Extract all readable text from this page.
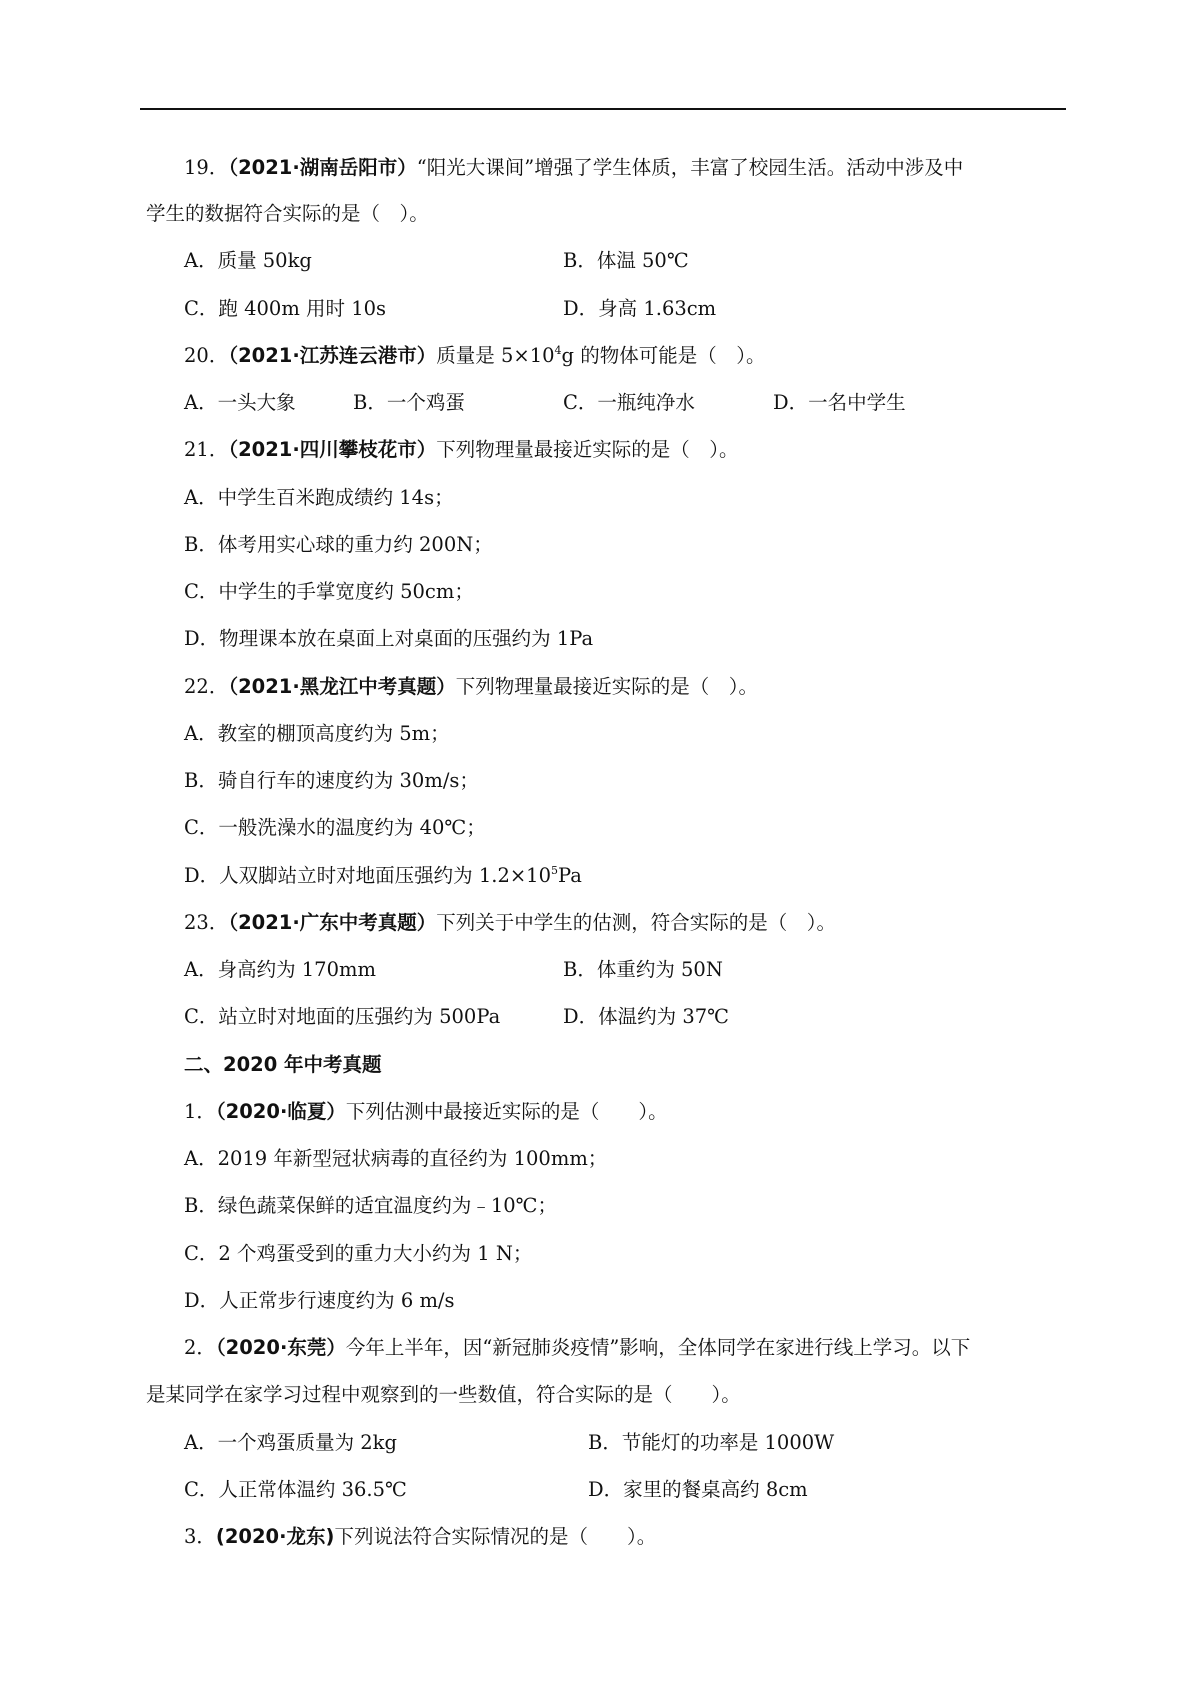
19．（2021·湖南岳阳市）“阳光大课间”增强了学生体质，丰富了校园生活。活动中涉及中
学生的数据符合实际的是（　）。
A．质量 50kg	B．体温 50℃
C．跑 400m 用时 10s	D．身高 1.63cm
20．（2021·江苏连云港市）质量是 $5\times 10^4g$ 的物体可能是（　）。
A．一头大象	B．一个鸡蛋	C．一瓶纯净水	D．一名中学生
21．（2021·四川攀枝花市）下列物理量最接近实际的是（　）。
A．中学生百米跑成绩约 14s；
B．体考用实心球的重力约 200N；
C．中学生的手掌宽度约 50cm；
D．物理课本放在桌面上对桌面的压强约为 1Pa
22．（2021·黑龙江中考真题）下列物理量最接近实际的是（　）。
A．教室的棚顶高度约为 5m；
B．骑自行车的速度约为 30m/s；
C．一般洗澡水的温度约为 40℃；
D．人双脚站立时对地面压强约为 $1.2\times 10^5Pa$
23．（2021·广东中考真题）下列关于中学生的估测，符合实际的是（　）。
A．身高约为 170mm	B．体重约为 50N
C．站立时对地面的压强约为 500Pa	D．体温约为 37℃
二、2020 年中考真题
1．（2020·临夏）下列估测中最接近实际的是（　　）。
A．2019 年新型冠状病毒的直径约为 100mm；
B．绿色蔬菜保鲜的适宜温度约为﹣10℃；
C．2 个鸡蛋受到的重力大小约为 1 N；
D．人正常步行速度约为 6 m/s
2．（2020·东莞）今年上半年，因“新冠肺炎疫情”影响，全体同学在家进行线上学习。以下
是某同学在家学习过程中观察到的一些数值，符合实际的是（　　）。
A．一个鸡蛋质量为 2kg	B．节能灯的功率是 1000W
C．人正常体温约 36.5℃	D．家里的餐桌高约 8cm
3．(2020·龙东)下列说法符合实际情况的是（　　）。
